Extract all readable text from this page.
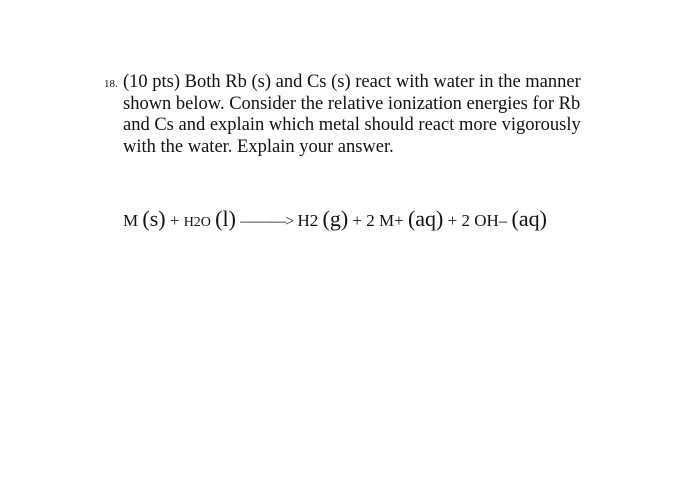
18. (10 pts) Both Rb (s) and Cs (s) react with water in the manner
shown below. Consider the relative ionization energies for Rb
and Cs and explain which metal should react more vigorously
with the water. Explain your answer.
M (s) + H2O (l) ———> H2 (g) + 2 M+ (aq) + 2 OH– (aq)
